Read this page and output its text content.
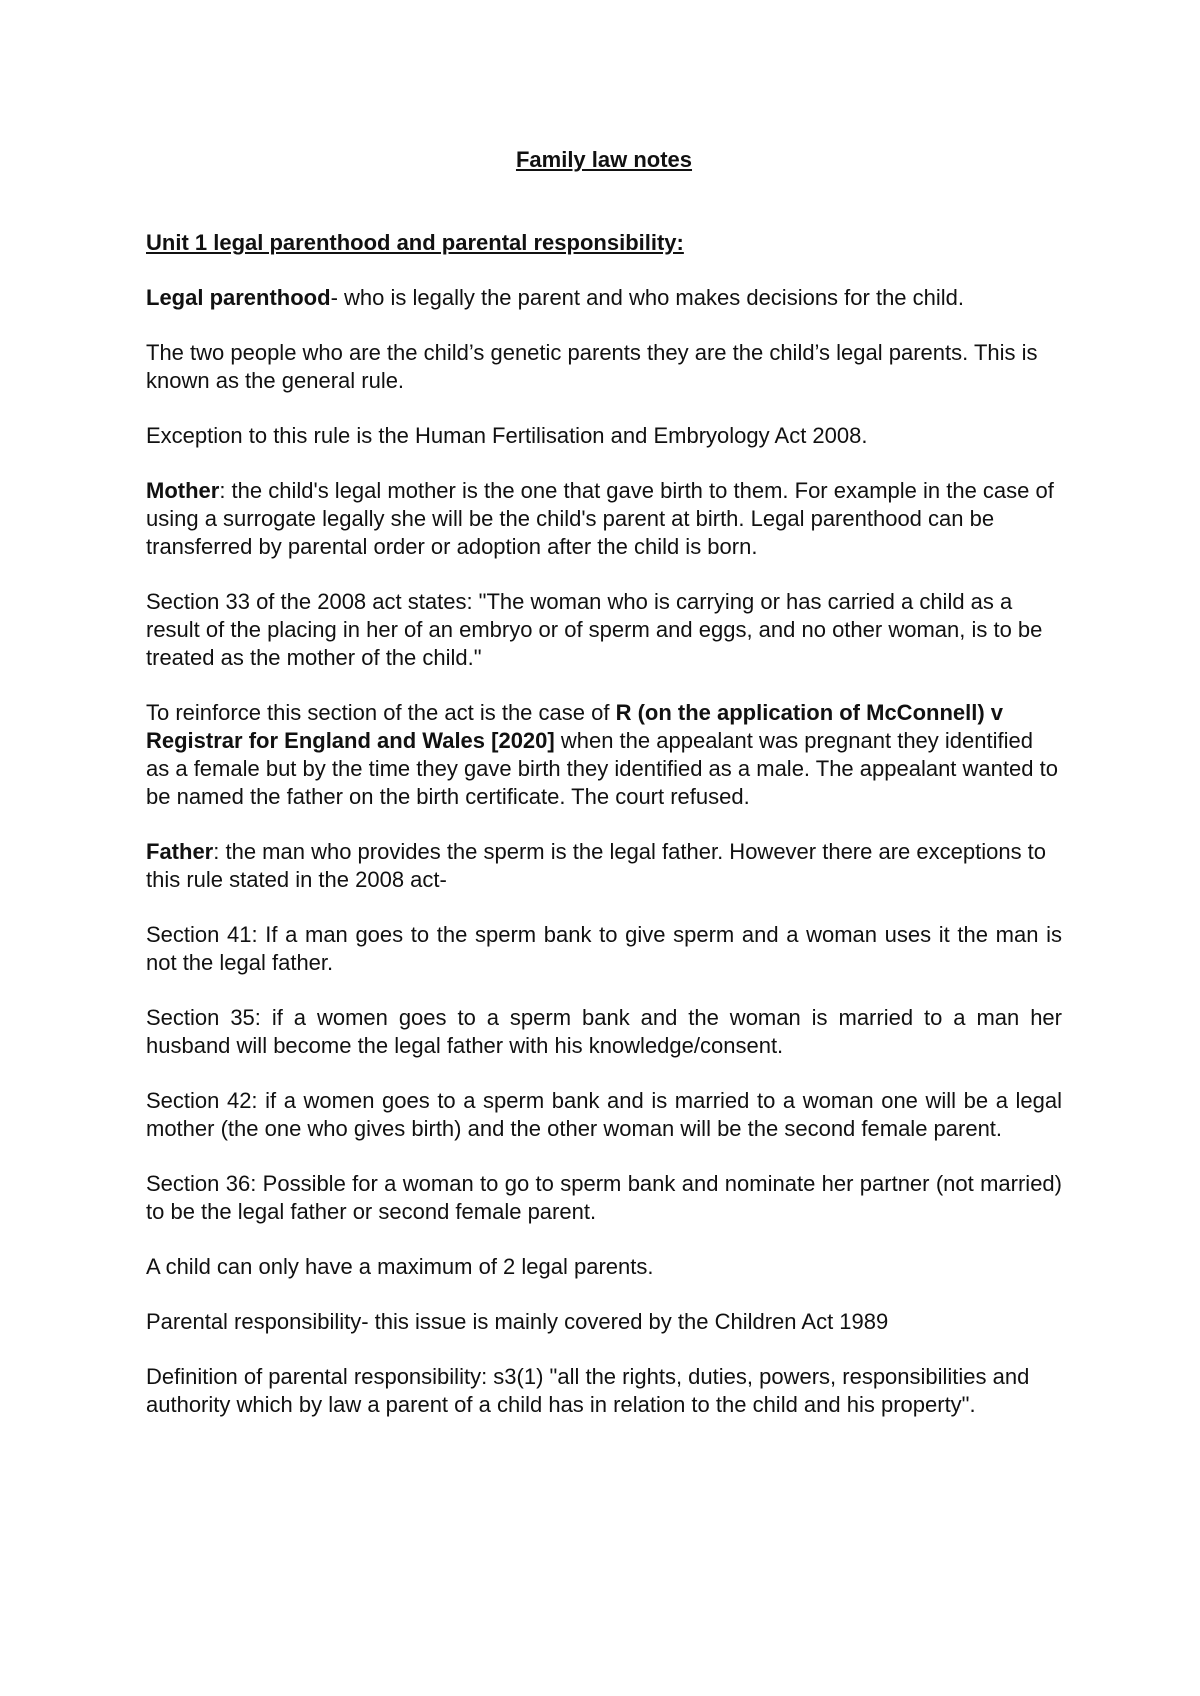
Family law notes
Unit 1 legal parenthood and parental responsibility:

Legal parenthood- who is legally the parent and who makes decisions for the child.

The two people who are the child’s genetic parents they are the child’s legal parents. This is known as the general rule.

Exception to this rule is the Human Fertilisation and Embryology Act 2008.

Mother: the child's legal mother is the one that gave birth to them. For example in the case of using a surrogate legally she will be the child's parent at birth. Legal parenthood can be transferred by parental order or adoption after the child is born.

Section 33 of the 2008 act states: "The woman who is carrying or has carried a child as a result of the placing in her of an embryo or of sperm and eggs, and no other woman, is to be treated as the mother of the child."

To reinforce this section of the act is the case of R (on the application of McConnell) v Registrar for England and Wales [2020] when the appealant was pregnant they identified as a female but by the time they gave birth they identified as a male. The appealant wanted to be named the father on the birth certificate. The court refused.

Father: the man who provides the sperm is the legal father. However there are exceptions to this rule stated in the 2008 act-

Section 41: If a man goes to the sperm bank to give sperm and a woman uses it the man is not the legal father.

Section 35: if a women goes to a sperm bank and the woman is married to a man her husband will become the legal father with his knowledge/consent.

Section 42: if a women goes to a sperm bank and is married to a woman one will be a legal mother (the one who gives birth) and the other woman will be the second female parent.

Section 36: Possible for a woman to go to sperm bank and nominate her partner (not married) to be the legal father or second female parent.

A child can only have a maximum of 2 legal parents.

Parental responsibility- this issue is mainly covered by the Children Act 1989

Definition of parental responsibility: s3(1) "all the rights, duties, powers, responsibilities and authority which by law a parent of a child has in relation to the child and his property".
